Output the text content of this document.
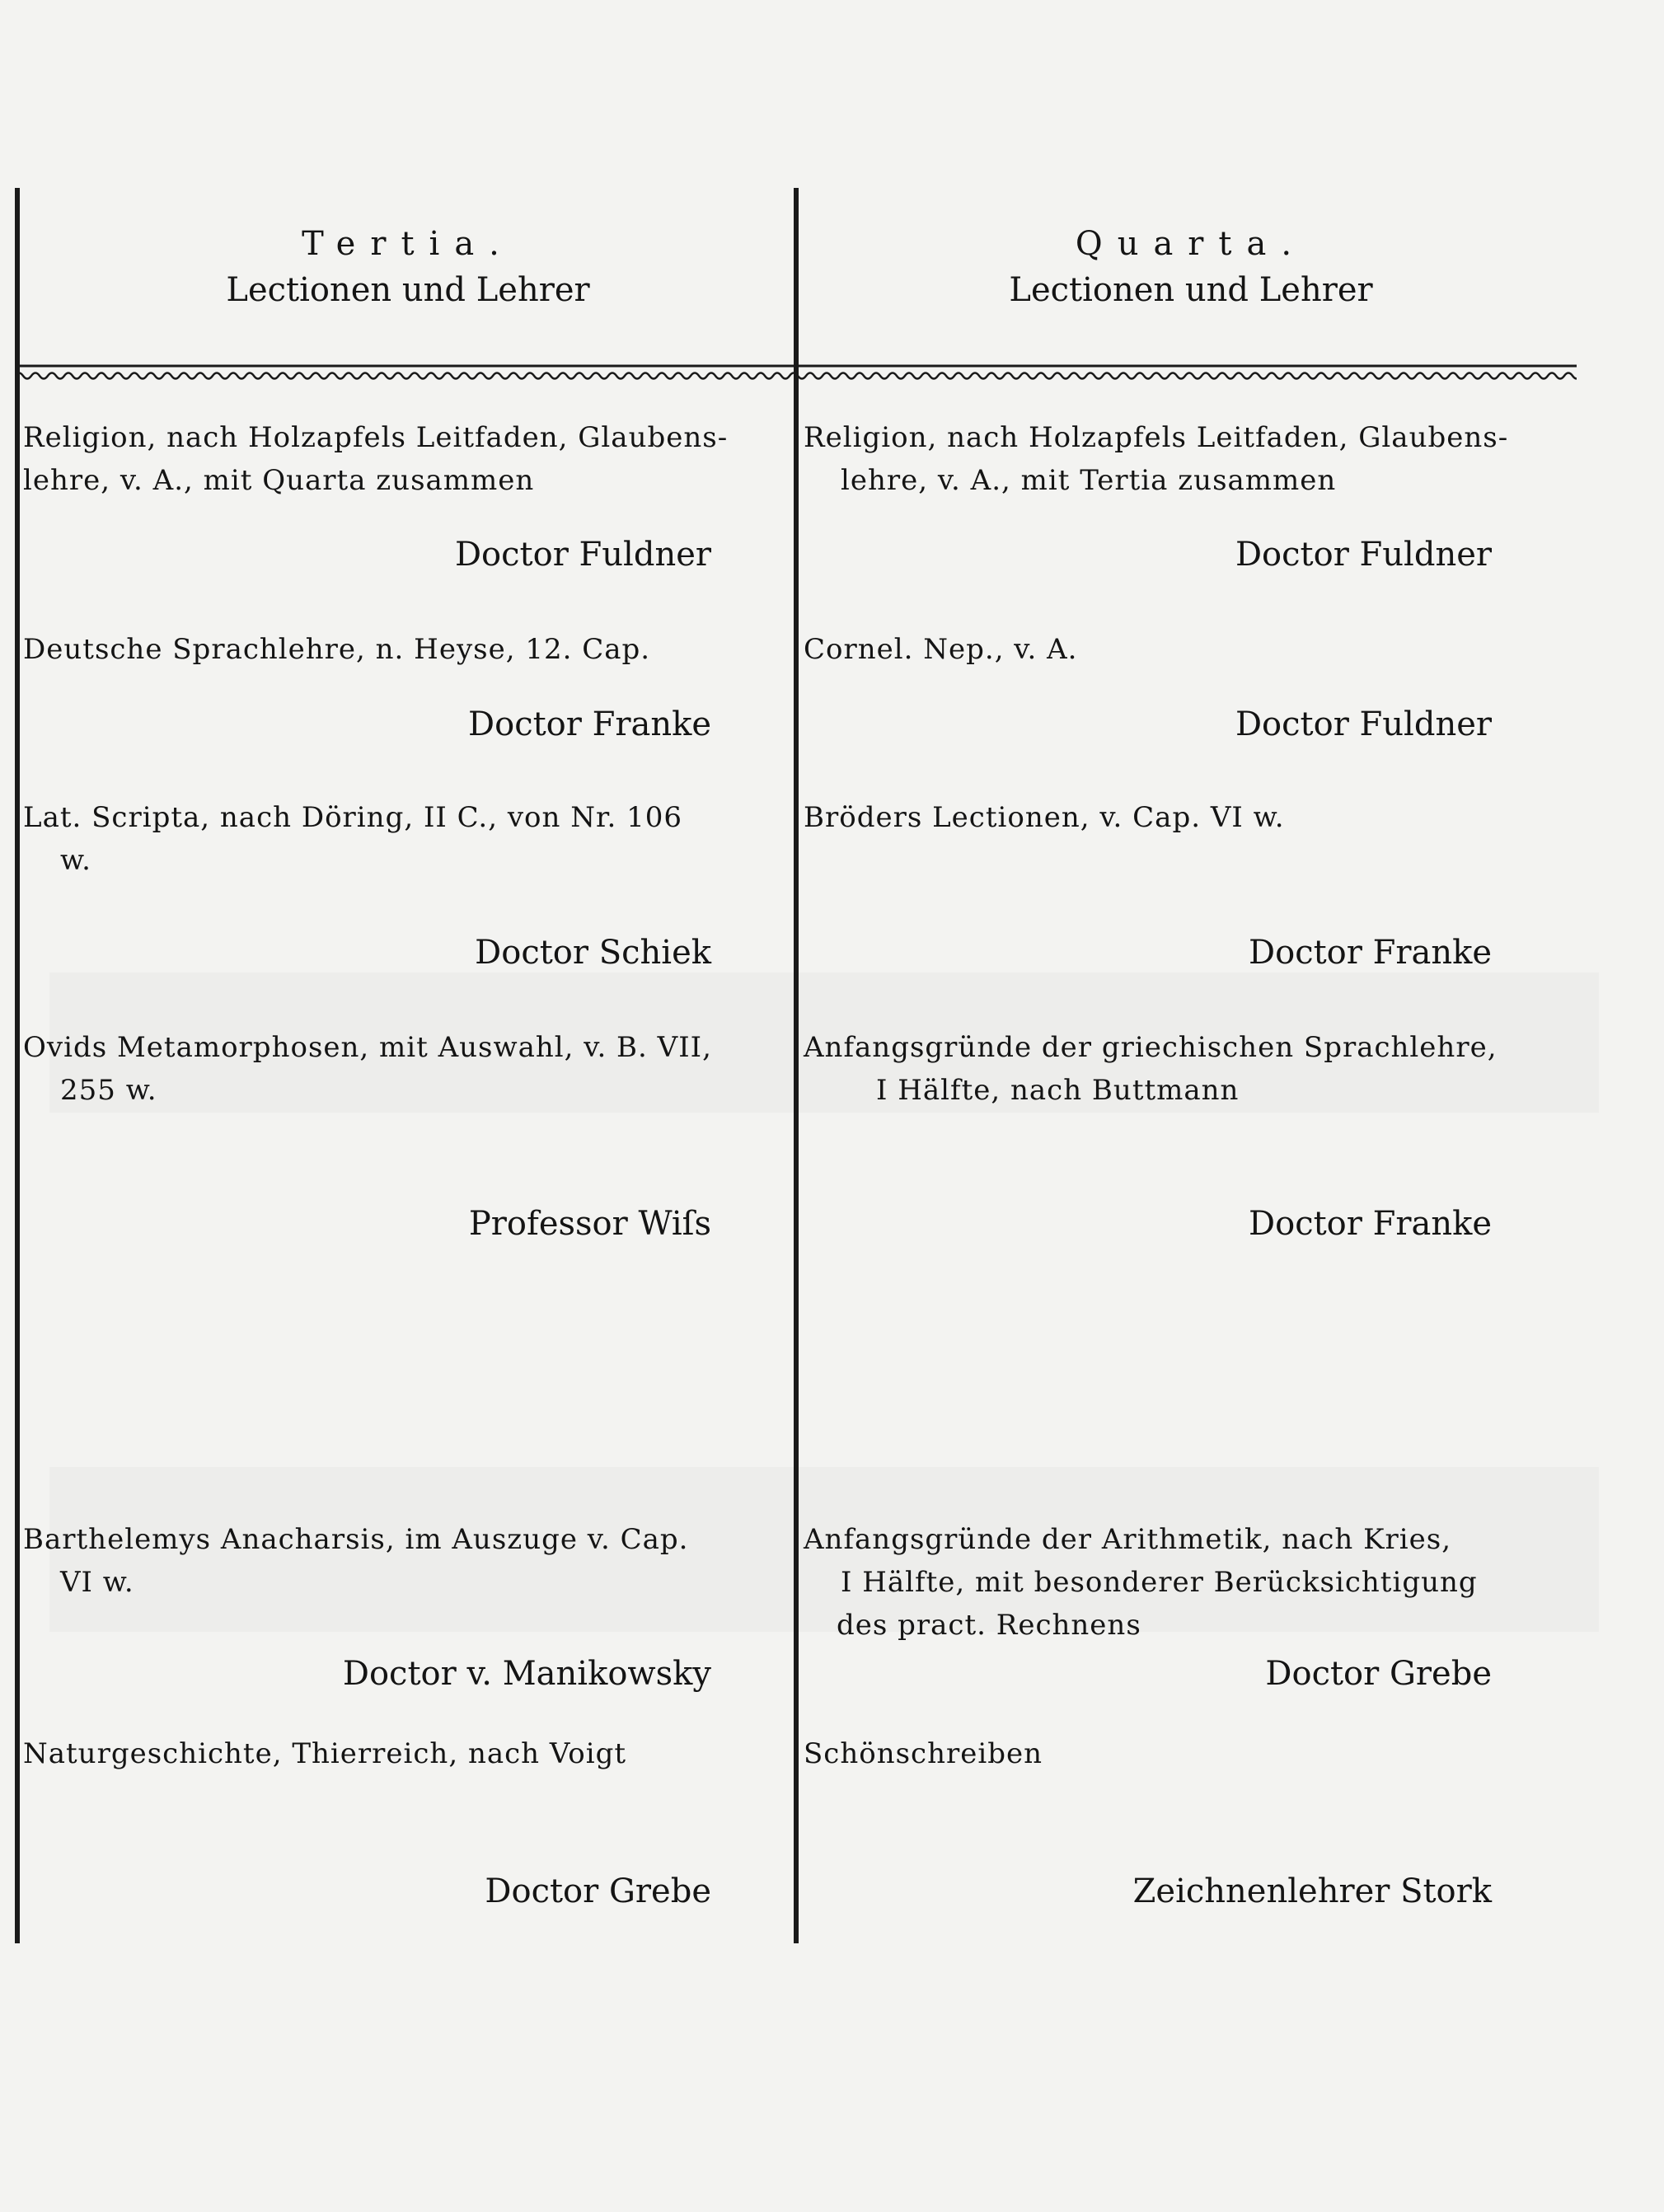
Tertia.
Lectionen und Lehrer
Quarta.
Lectionen und Lehrer
Religion, nach Holzapfels Leitfaden, Glaubens-
lehre, v. A., mit Quarta zusammen
Doctor Fuldner
Deutsche Sprachlehre, n. Heyse, 12. Cap.
Doctor Franke
Lat. Scripta, nach Döring, II C., von Nr. 106
w.
Doctor Schiek
Ovids Metamorphosen, mit Auswahl, v. B. VII,
255 w.
Professor Wiſs
Barthelemys Anacharsis, im Auszuge v. Cap.
VI w.
Doctor v. Manikowsky
Naturgeschichte, Thierreich, nach Voigt
Doctor Grebe
Religion, nach Holzapfels Leitfaden, Glaubens-
lehre, v. A., mit Tertia zusammen
Doctor Fuldner
Cornel. Nep., v. A.
Doctor Fuldner
Bröders Lectionen, v. Cap. VI w.
Doctor Franke
Anfangsgründe der griechischen Sprachlehre,
I Hälfte, nach Buttmann
Doctor Franke
Anfangsgründe der Arithmetik, nach Kries,
I Hälfte, mit besonderer Berücksichtigung
des pract. Rechnens
Doctor Grebe
Schönschreiben
Zeichnenlehrer Stork
